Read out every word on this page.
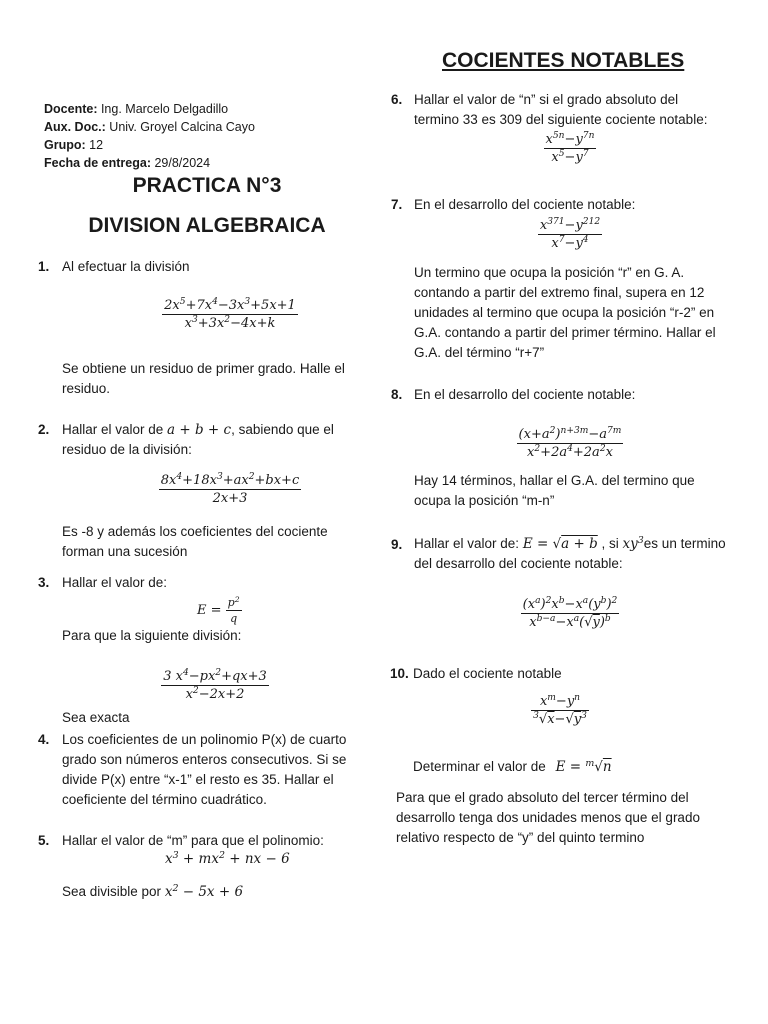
COCIENTES NOTABLES
Docente: Ing. Marcelo Delgadillo
Aux. Doc.: Univ. Groyel Calcina Cayo
Grupo: 12
Fecha de entrega: 29/8/2024
PRACTICA N°3
DIVISION ALGEBRAICA
1. Al efectuar la división
$\frac{2x^5+7x^4-3x^3+5x+1}{x^3+3x^2-4x+k}$
Se obtiene un residuo de primer grado. Halle el residuo.
2. Hallar el valor de a + b + c, sabiendo que el residuo de la división:
$\frac{8x^4+18x^3+ax^2+bx+c}{2x+3}$
Es -8 y además los coeficientes del cociente forman una sucesión
3. Hallar el valor de:
$E = \frac{p^2}{q}$
Para que la siguiente división:
$\frac{3 x^4-px^2+qx+3}{x^2-2x+2}$
Sea exacta
4. Los coeficientes de un polinomio P(x) de cuarto grado son números enteros consecutivos. Si se divide P(x) entre “x-1” el resto es 35. Hallar el coeficiente del término cuadrático.
5. Hallar el valor de “m” para que el polinomio:
$x^3 + mx^2$ + nx − 6
Sea divisible por $x^2 - 5x + 6$
6. Hallar el valor de “n” si el grado absoluto del termino 33 es 309 del siguiente cociente notable:
$\frac{x^{5n}-y^{7n}}{x^5-y^7}$
7. En el desarrollo del cociente notable:
$\frac{x^{371}-y^{212}}{x^7-y^4}$
Un termino que ocupa la posición “r” en G. A. contando a partir del extremo final, supera en 12 unidades al termino que ocupa la posición “r-2” en G.A. contando a partir del primer término. Hallar el G.A. del término “r+7”
8. En el desarrollo del cociente notable:
$\frac{(x+a^2)^{n+3m}-a^{7m}}{x^2+2a^4+2a^2x}$
Hay 14 términos, hallar el G.A. del termino que ocupa la posición “m-n”
9. Hallar el valor de: E = √a + b , si $xy^3es$ un termino del desarrollo del cociente notable:
$\frac{(x^a)^2x^b-x^a(y^b)^2}{x^{b-a}-x^a(√y)^b}$
10. Dado el cociente notable
$\frac{x^m-y^n}{^3√x-√y^3}$
Determinar el valor de E = $^m$√n
Para que el grado absoluto del tercer término del desarrollo tenga dos unidades menos que el grado relativo respecto de “y” del quinto termino
